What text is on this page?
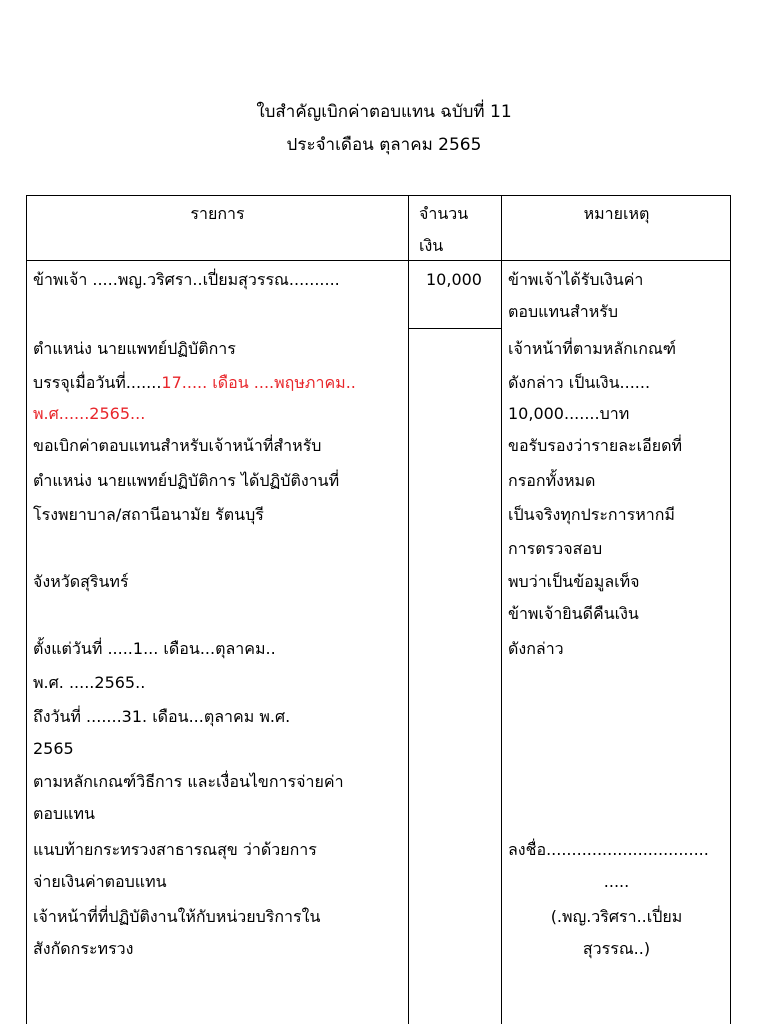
ใบสำคัญเบิกค่าตอบแทน ฉบับที่ 11
ประจำเดือน ตุลาคม 2565
รายการ	จำนวน
เงิน
หมายเหตุ
10,000
ข้าพเจ้า .....พญ.วริศรา..เปี่ยมสุวรรณ..........
ตำแหน่ง นายแพทย์ปฏิบัติการ
บรรจุเมื่อวันที่.......17..... เดือน ....พฤษภาคม..
พ.ศ......2565...
ขอเบิกค่าตอบแทนสำหรับเจ้าหน้าที่สำหรับ
ตำแหน่ง นายแพทย์ปฏิบัติการ ได้ปฏิบัติงานที่
โรงพยาบาล/สถานีอนามัย รัตนบุรี
จังหวัดสุรินทร์
ตั้งแต่วันที่ .....1... เดือน...ตุลาคม..
พ.ศ. .....2565..
ถึงวันที่ .......31. เดือน...ตุลาคม พ.ศ.
2565
ตามหลักเกณฑ์วิธีการ และเงื่อนไขการจ่ายค่า
ตอบแทน
แนบท้ายกระทรวงสาธารณสุข ว่าด้วยการ
จ่ายเงินค่าตอบแทน
เจ้าหน้าที่ที่ปฏิบัติงานให้กับหน่วยบริการใน
สังกัดกระทรวง
ข้าพเจ้าได้รับเงินค่า
ตอบแทนสำหรับ
เจ้าหน้าที่ตามหลักเกณฑ์
ดังกล่าว เป็นเงิน......
10,000.......บาท
ขอรับรองว่ารายละเอียดที่
กรอกทั้งหมด
เป็นจริงทุกประการหากมี
การตรวจสอบ
พบว่าเป็นข้อมูลเท็จ
ข้าพเจ้ายินดีคืนเงิน
ดังกล่าว
ลงชื่อ................................
.....
(.พญ.วริศรา..เปี่ยม
สุวรรณ..)
